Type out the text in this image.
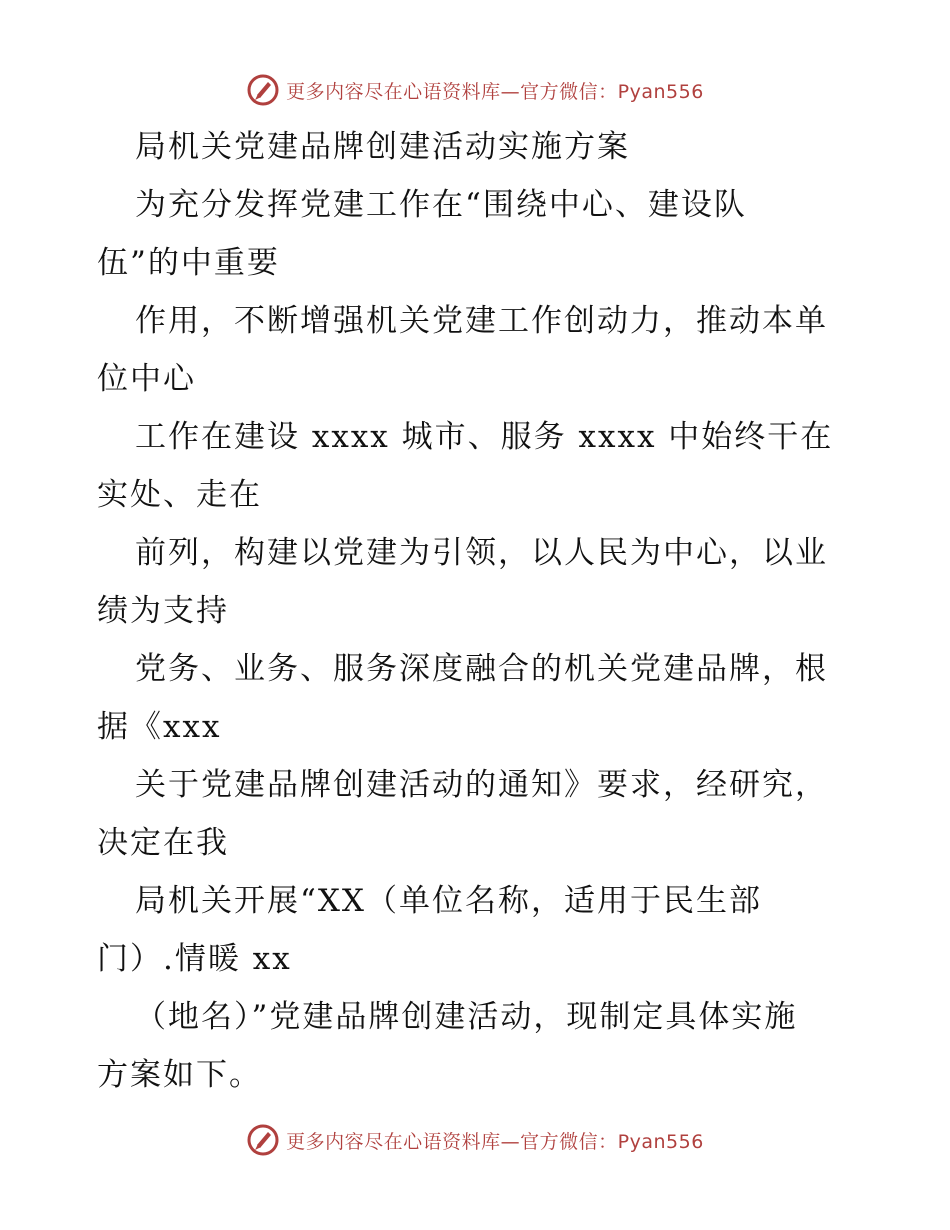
更多内容尽在心语资料库—官方微信：Pyan556
局机关党建品牌创建活动实施方案
为充分发挥党建工作在“围绕中心、建设队
伍”的中重要
作用，不断增强机关党建工作创动力，推动本单
位中心
工作在建设 xxxx 城市、服务 xxxx 中始终干在
实处、走在
前列，构建以党建为引领，以人民为中心，以业
绩为支持
党务、业务、服务深度融合的机关党建品牌，根
据《xxx
关于党建品牌创建活动的通知》要求，经研究，
决定在我
局机关开展“XX（单位名称，适用于民生部
门）.情暖 xx
（地名）”党建品牌创建活动，现制定具体实施
方案如下。
更多内容尽在心语资料库—官方微信：Pyan556
